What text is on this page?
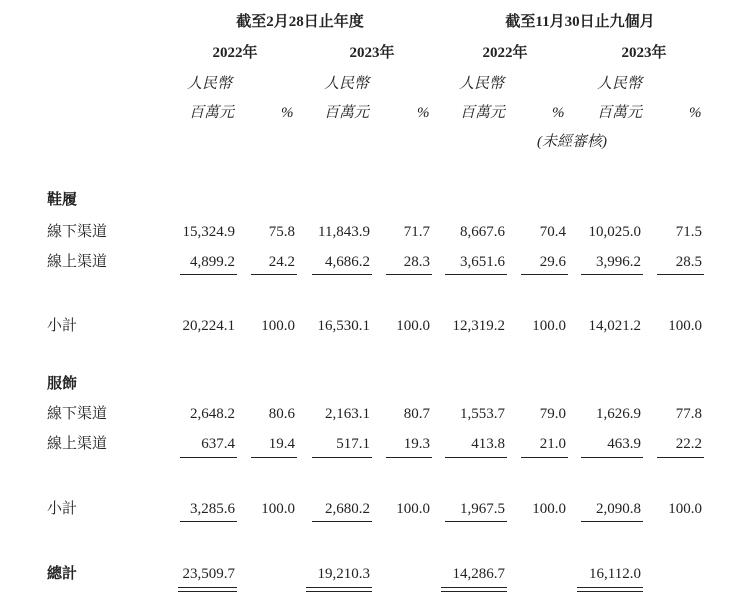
截至2月28日止年度	截至11月30日止九個月
2022年	2023年	2022年	2023年
人民幣	人民幣	人民幣	人民幣
百萬元	% 百萬元	% 百萬元	% 百萬元	%
(未經審核)
鞋履
線下渠道	15,324.9 75.8 11,843.9 71.7 8,667.6 70.4 10,025.0 71.5
線上渠道	4,899.2 24.2 4,686.2 28.3 3,651.6 29.6 3,996.2 28.5
小計	20,224.1 100.0 16,530.1 100.0 12,319.2 100.0 14,021.2 100.0
服飾
線下渠道	2,648.2 80.6 2,163.1 80.7 1,553.7 79.0 1,626.9 77.8
線上渠道	637.4 19.4	517.1 19.3	413.8 21.0	463.9 22.2
小計	3,285.6 100.0 2,680.2 100.0 1,967.5 100.0 2,090.8 100.0
總計	23,509.7	19,210.3	14,286.7	16,112.0
